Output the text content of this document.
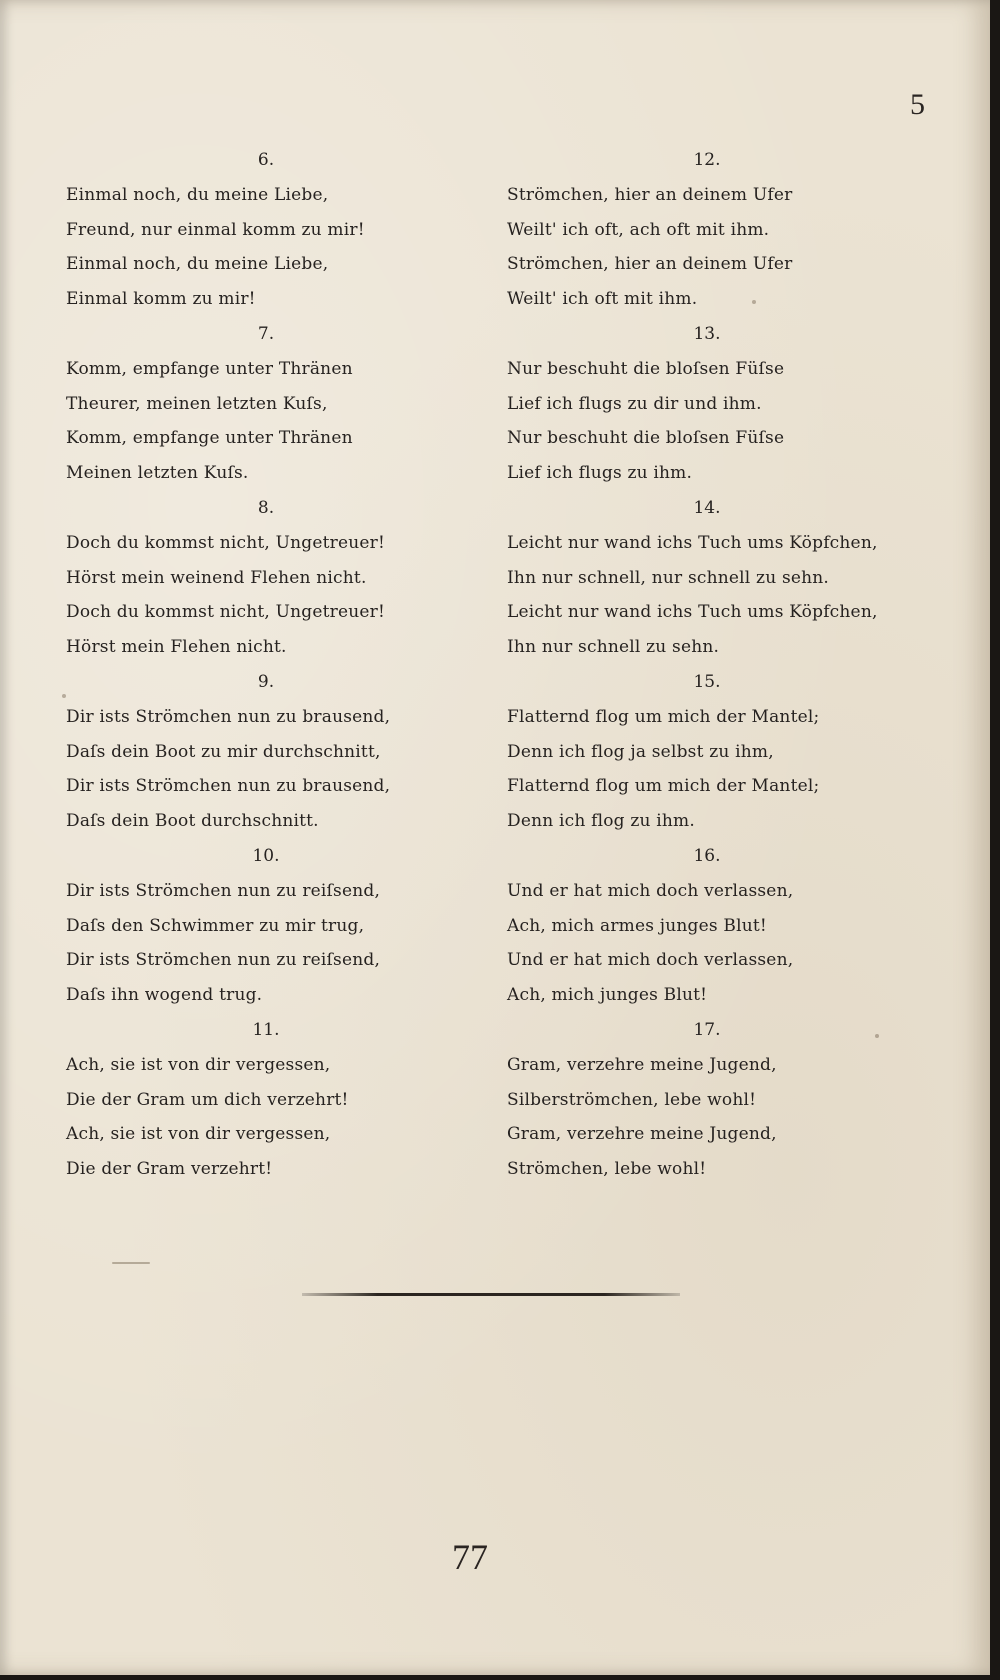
5
6.
Einmal noch, du meine Liebe,
Freund, nur einmal komm zu mir!
Einmal noch, du meine Liebe,
Einmal komm zu mir!
7.
Komm, empfange unter Thränen
Theurer, meinen letzten Kuſs,
Komm, empfange unter Thränen
Meinen letzten Kuſs.
8.
Doch du kommst nicht, Ungetreuer!
Hörst mein weinend Flehen nicht.
Doch du kommst nicht, Ungetreuer!
Hörst mein Flehen nicht.
9.
Dir ists Strömchen nun zu brausend,
Daſs dein Boot zu mir durchschnitt,
Dir ists Strömchen nun zu brausend,
Daſs dein Boot durchschnitt.
10.
Dir ists Strömchen nun zu reiſsend,
Daſs den Schwimmer zu mir trug,
Dir ists Strömchen nun zu reiſsend,
Daſs ihn wogend trug.
11.
Ach, sie ist von dir vergessen,
Die der Gram um dich verzehrt!
Ach, sie ist von dir vergessen,
Die der Gram verzehrt!
12.
Strömchen, hier an deinem Ufer
Weilt' ich oft, ach oft mit ihm.
Strömchen, hier an deinem Ufer
Weilt' ich oft mit ihm.
13.
Nur beschuht die bloſsen Füſse
Lief ich flugs zu dir und ihm.
Nur beschuht die bloſsen Füſse
Lief ich flugs zu ihm.
14.
Leicht nur wand ichs Tuch ums Köpfchen,
Ihn nur schnell, nur schnell zu sehn.
Leicht nur wand ichs Tuch ums Köpfchen,
Ihn nur schnell zu sehn.
15.
Flatternd flog um mich der Mantel;
Denn ich flog ja selbst zu ihm,
Flatternd flog um mich der Mantel;
Denn ich flog zu ihm.
16.
Und er hat mich doch verlassen,
Ach, mich armes junges Blut!
Und er hat mich doch verlassen,
Ach, mich junges Blut!
17.
Gram, verzehre meine Jugend,
Silberströmchen, lebe wohl!
Gram, verzehre meine Jugend,
Strömchen, lebe wohl!
77
